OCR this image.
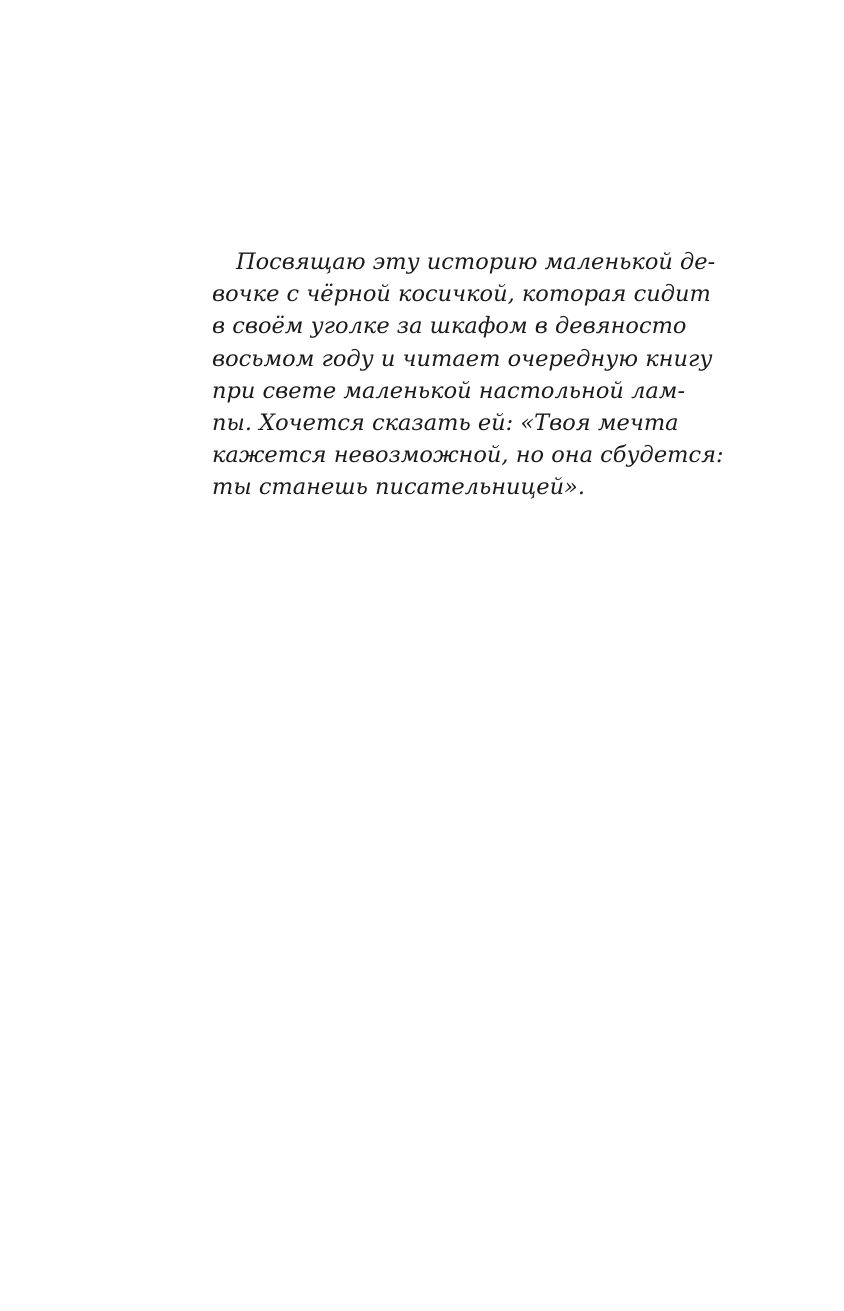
Посвящаю эту историю маленькой де-
вочке с чёрной косичкой, которая сидит
в своём уголке за шкафом в девяносто
восьмом году и читает очередную книгу
при свете маленькой настольной лам-
пы. Хочется сказать ей: «Твоя мечта
кажется невозможной, но она сбудется:
ты станешь писательницей».
